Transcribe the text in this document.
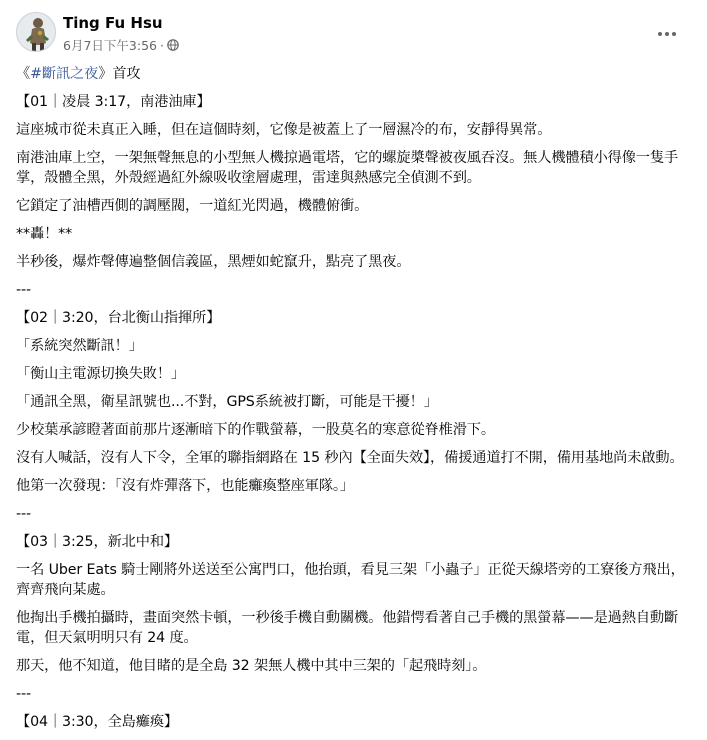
Ting Fu Hsu
6月7日下午3:56 ·

《#斷訊之夜》首攻

【01｜凌晨 3:17，南港油庫】

這座城市從未真正入睡，但在這個時刻，它像是被蓋上了一層濕冷的布，安靜得異常。

南港油庫上空，一架無聲無息的小型無人機掠過電塔，它的螺旋槳聲被夜風吞沒。無人機體積小得像一隻手掌，殼體全黑，外殼經過紅外線吸收塗層處理，雷達與熱感完全偵測不到。

它鎖定了油槽西側的調壓閥，一道紅光閃過，機體俯衝。

**轟！**

半秒後，爆炸聲傳遍整個信義區，黑煙如蛇竄升，點亮了黑夜。

---

【02｜3:20，台北衡山指揮所】

「系統突然斷訊！」

「衡山主電源切換失敗！」

「通訊全黑，衛星訊號也...不對，GPS系統被打斷，可能是干擾！」

少校葉承諺瞪著面前那片逐漸暗下的作戰螢幕，一股莫名的寒意從脊椎滑下。

沒有人喊話，沒有人下令，全軍的聯指網路在 15 秒內【全面失效】，備援通道打不開，備用基地尚未啟動。

他第一次發現：「沒有炸彈落下，也能癱瘓整座軍隊。」

---

【03｜3:25，新北中和】

一名 Uber Eats 騎士剛將外送送至公寓門口，他抬頭，看見三架「小蟲子」正從天線塔旁的工寮後方飛出，齊齊飛向某處。

他掏出手機拍攝時，畫面突然卡頓，一秒後手機自動關機。他錯愕看著自己手機的黑螢幕——是過熱自動斷電，但天氣明明只有 24 度。

那天，他不知道，他目睹的是全島 32 架無人機中其中三架的「起飛時刻」。

---

【04｜3:30，全島癱瘓】
